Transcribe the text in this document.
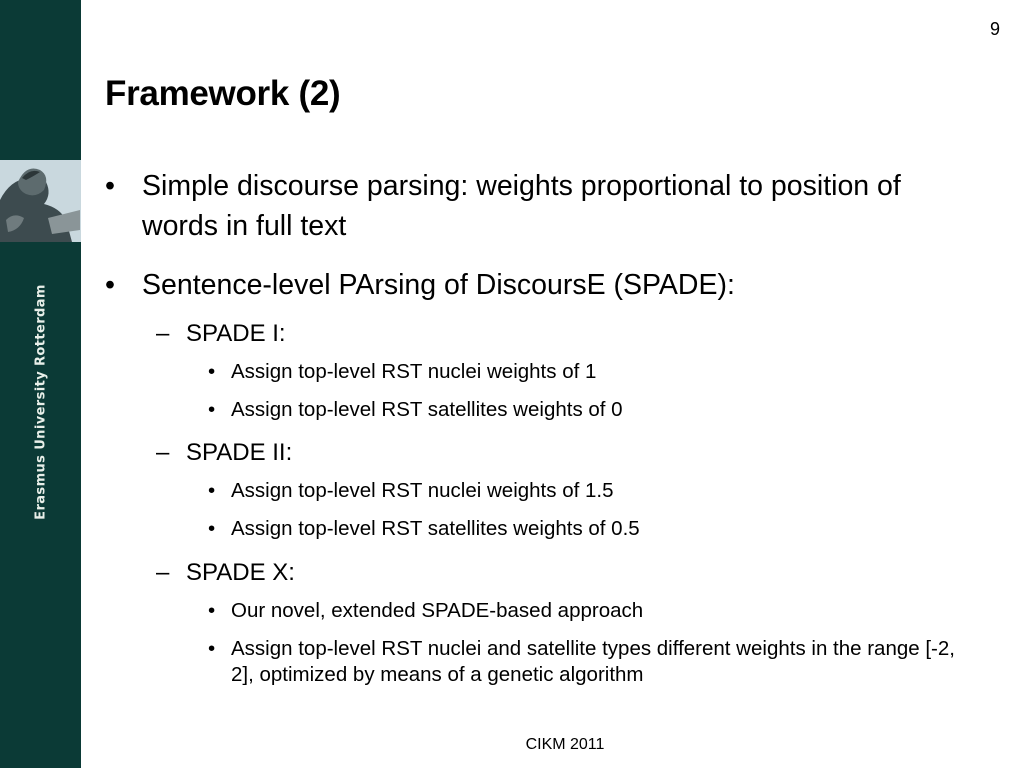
Erasmus University Rotterdam
9
Framework (2)
• Simple discourse parsing: weights proportional to position of words in full text
• Sentence-level PArsing of DiscoursE (SPADE):
– SPADE I:
• Assign top-level RST nuclei weights of 1
• Assign top-level RST satellites weights of 0
– SPADE II:
• Assign top-level RST nuclei weights of 1.5
• Assign top-level RST satellites weights of 0.5
– SPADE X:
• Our novel, extended SPADE-based approach
• Assign top-level RST nuclei and satellite types different weights in the range [-2, 2], optimized by means of a genetic algorithm
CIKM 2011
